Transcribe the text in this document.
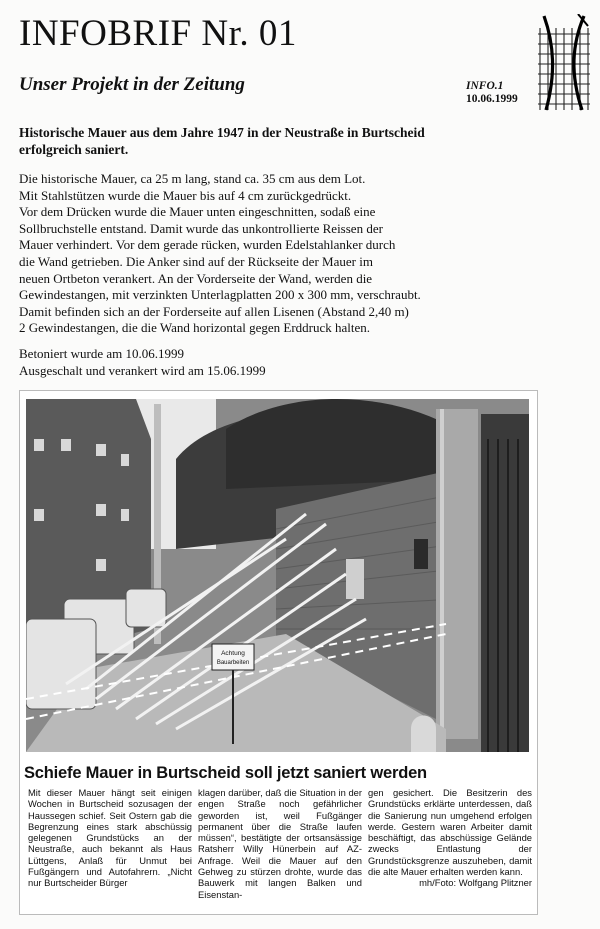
INFOBRIF Nr. 01
Unser Projekt in der Zeitung	INFO.1
10.06.1999
Historische Mauer aus dem Jahre 1947 in der Neustraße in Burtscheid
erfolgreich saniert.
Die historische Mauer, ca 25 m lang, stand ca. 35 cm aus dem Lot.
Mit Stahlstützen wurde die Mauer bis auf 4 cm zurückgedrückt.
Vor dem Drücken wurde die Mauer unten eingeschnitten, sodaß eine
Sollbruchstelle entstand. Damit wurde das unkontrollierte Reissen der
Mauer verhindert. Vor dem gerade rücken, wurden Edelstahlanker durch
die Wand getrieben. Die Anker sind auf der Rückseite der Mauer im
neuen Ortbeton verankert. An der Vorderseite der Wand, werden die
Gewindestangen, mit verzinkten Unterlagplatten 200 x 300 mm, verschraubt.
Damit befinden sich an der Forderseite auf allen Lisenen (Abstand 2,40 m)
2 Gewindestangen, die die Wand horizontal gegen Erddruck halten.
Betoniert wurde am 10.06.1999
Ausgeschalt und verankert wird am 15.06.1999
Achtung
Bauarbeiten
Schiefe Mauer in Burtscheid soll jetzt saniert werden
Mit dieser Mauer hängt seit einigen Wochen in Burtscheid sozusagen der Haussegen schief. Seit Ostern gab die Begrenzung eines stark abschüssig gelegenen Grundstücks an der Neustraße, auch bekannt als Haus Lüttgens, Anlaß für Unmut bei Fußgängern und Autofahrern. „Nicht nur Burtscheider Bürger
klagen darüber, daß die Situation in der engen Straße noch gefährlicher geworden ist, weil Fußgänger permanent über die Straße laufen müssen“, bestätigte der ortsansässige Ratsherr Willy Hünerbein auf AZ-Anfrage. Weil die Mauer auf den Gehweg zu stürzen drohte, wurde das Bauwerk mit langen Balken und Eisenstan-
gen gesichert. Die Besitzerin des Grundstücks erklärte unterdessen, daß die Sanierung nun umgehend erfolgen werde. Gestern waren Arbeiter damit beschäftigt, das abschüssige Gelände zwecks Entlastung der Grundstücksgrenze auszuheben, damit die alte Mauer erhalten werden kann.
mh/Foto: Wolfgang Plitzner
